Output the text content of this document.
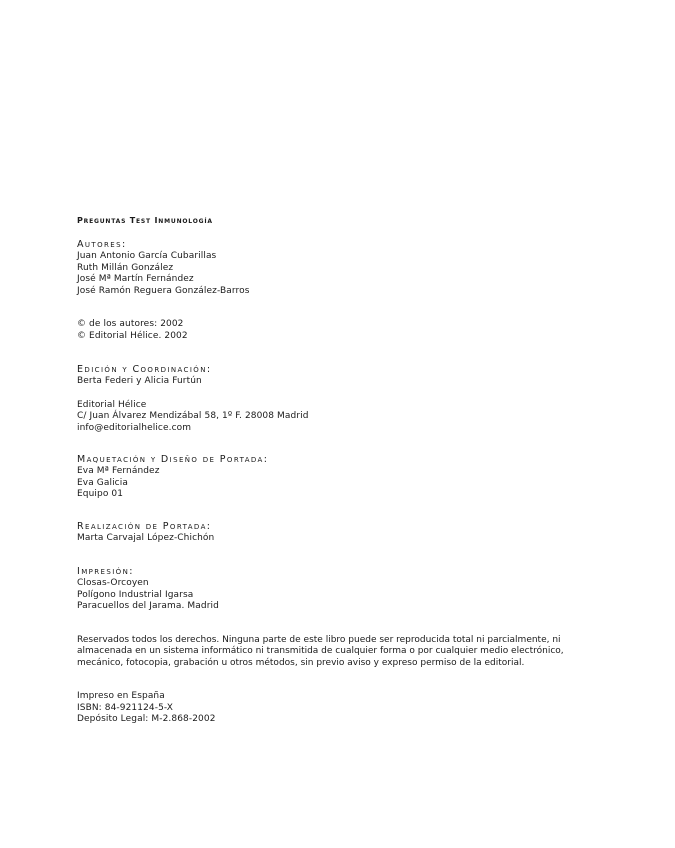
Preguntas Test Inmunología
Autores:
Juan Antonio García Cubarillas
Ruth Millán González
José Mª Martín Fernández
José Ramón Reguera González-Barros
© de los autores: 2002
© Editorial Hélice. 2002
Edición y Coordinación:
Berta Federi y Alicia Furtún
Editorial Hélice
C/ Juan Álvarez Mendizábal 58, 1º F. 28008 Madrid
info@editorialhelice.com
Maquetación y Diseño de Portada:
Eva Mª Fernández
Eva Galicia
Equipo 01
Realización de Portada:
Marta Carvajal López-Chichón
Impresión:
Closas-Orcoyen
Polígono Industrial Igarsa
Paracuellos del Jarama. Madrid
Reservados todos los derechos. Ninguna parte de este libro puede ser reproducida total ni parcialmente, ni almacenada en un sistema informático ni transmitida de cualquier forma o por cualquier medio electrónico, mecánico, fotocopia, grabación u otros métodos, sin previo aviso y expreso permiso de la editorial.
Impreso en España
ISBN: 84-921124-5-X
Depósito Legal: M-2.868-2002
